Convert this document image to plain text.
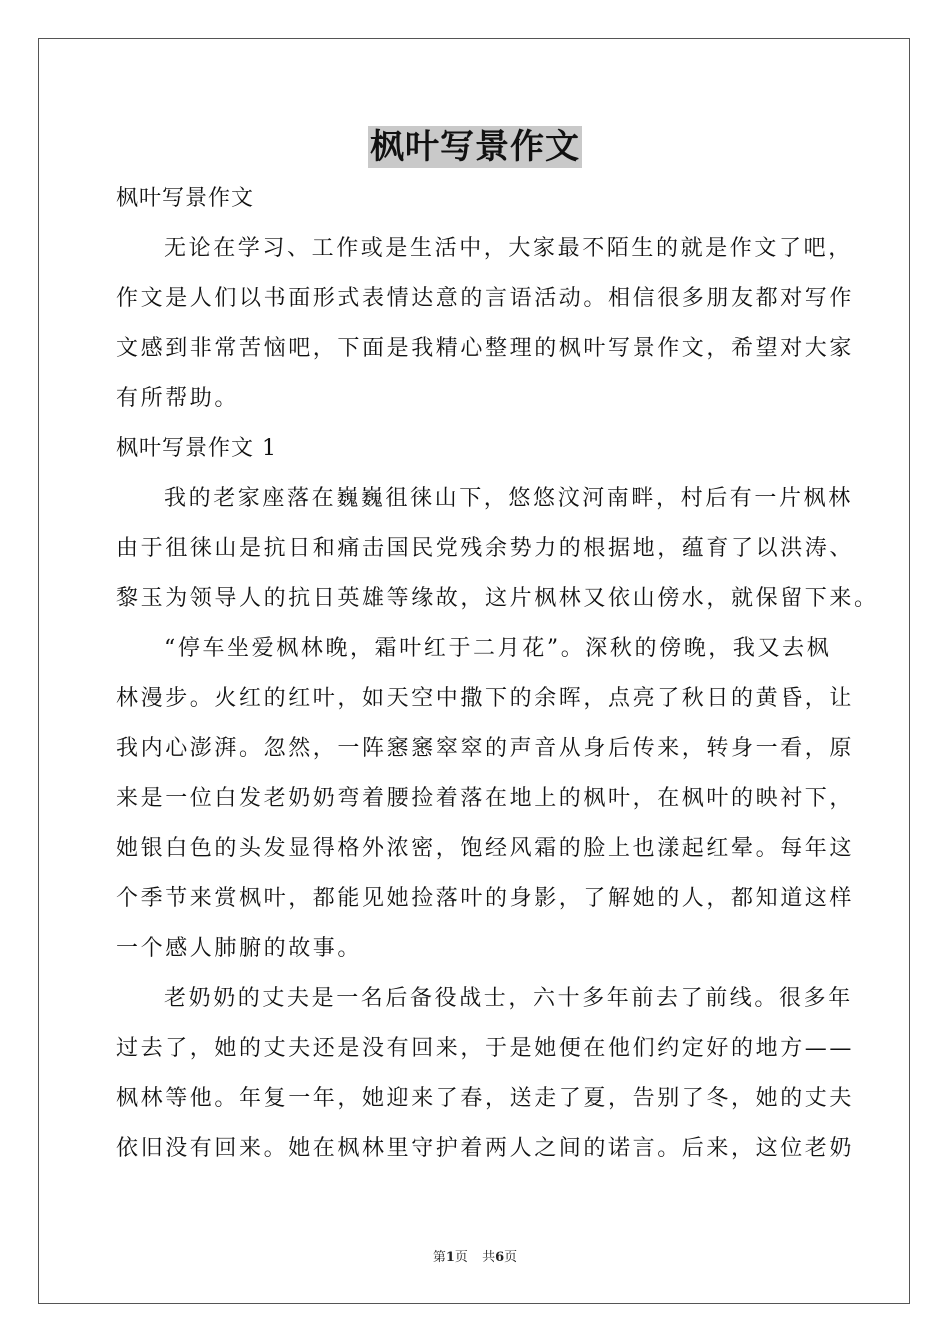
枫叶写景作文
枫叶写景作文
无论在学习、工作或是生活中，大家最不陌生的就是作文了吧，
作文是人们以书面形式表情达意的言语活动。相信很多朋友都对写作
文感到非常苦恼吧，下面是我精心整理的枫叶写景作文，希望对大家
有所帮助。
枫叶写景作文 1
我的老家座落在巍巍徂徕山下，悠悠汶河南畔，村后有一片枫林
由于徂徕山是抗日和痛击国民党残余势力的根据地，蕴育了以洪涛、
黎玉为领导人的抗日英雄等缘故，这片枫林又依山傍水，就保留下来。
“停车坐爱枫林晚，霜叶红于二月花”。深秋的傍晚，我又去枫
林漫步。火红的红叶，如天空中撒下的余晖，点亮了秋日的黄昏，让
我内心澎湃。忽然，一阵窸窸窣窣的声音从身后传来，转身一看，原
来是一位白发老奶奶弯着腰捡着落在地上的枫叶，在枫叶的映衬下，
她银白色的头发显得格外浓密，饱经风霜的脸上也漾起红晕。每年这
个季节来赏枫叶，都能见她捡落叶的身影，了解她的人，都知道这样
一个感人肺腑的故事。
老奶奶的丈夫是一名后备役战士，六十多年前去了前线。很多年
过去了，她的丈夫还是没有回来，于是她便在他们约定好的地方——
枫林等他。年复一年，她迎来了春，送走了夏，告别了冬，她的丈夫
依旧没有回来。她在枫林里守护着两人之间的诺言。后来，这位老奶
第1页 共6页
